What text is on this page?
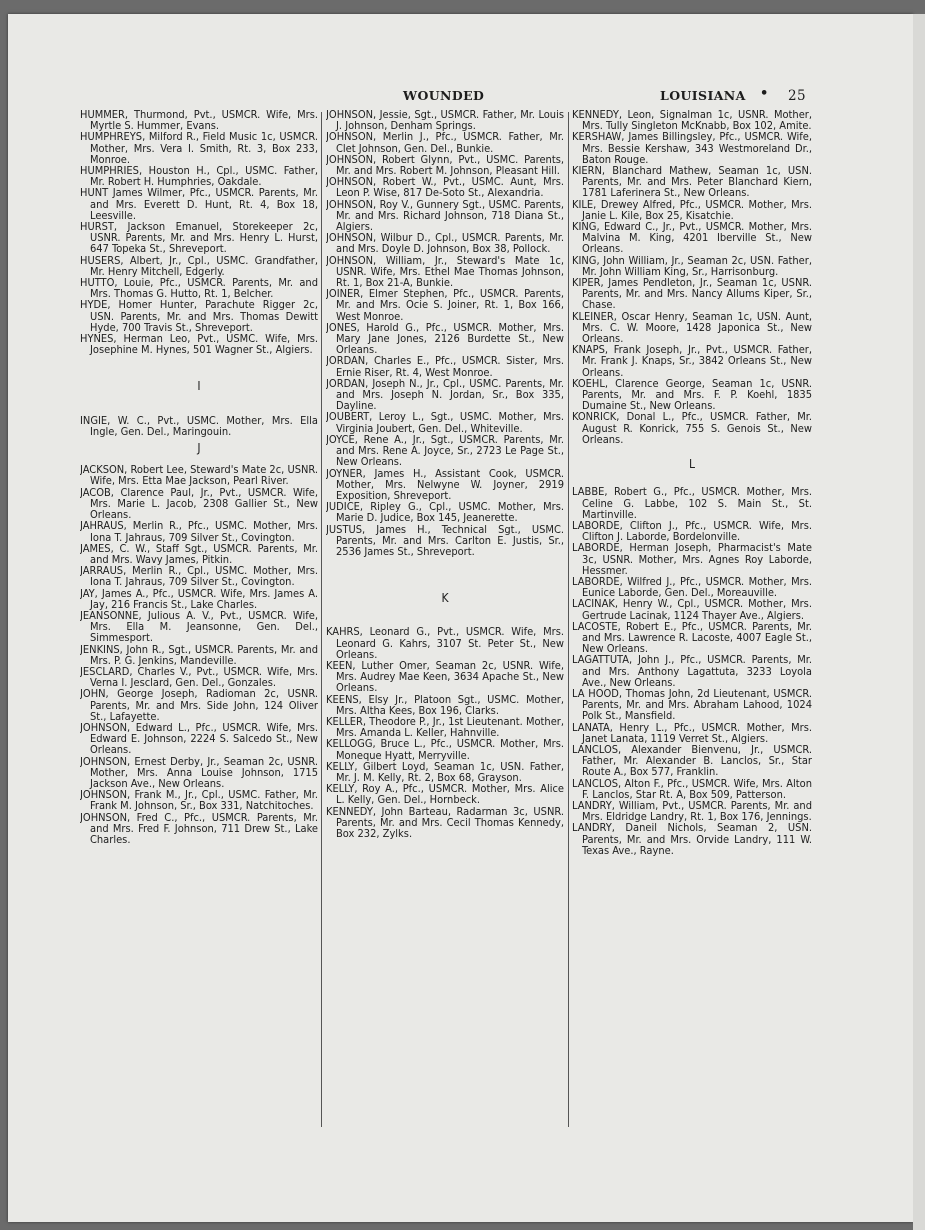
WOUNDED	LOUISIANA • 25

HUMMER, Thurmond, Pvt., USMCR. Wife, Mrs. Myrtle S. Hummer, Evans.

HUMPHREYS, Milford R., Field Music 1c, USMCR. Mother, Mrs. Vera I. Smith, Rt. 3, Box 233, Monroe.

HUMPHRIES, Houston H., Cpl., USMC. Father, Mr. Robert H. Humphries, Oakdale.

HUNT James Wilmer, Pfc., USMCR. Parents, Mr. and Mrs. Everett D. Hunt, Rt. 4, Box 18, Leesville.

HURST, Jackson Emanuel, Storekeeper 2c, USNR. Parents, Mr. and Mrs. Henry L. Hurst, 647 Topeka St., Shreveport.

HUSERS, Albert, Jr., Cpl., USMC. Grandfather, Mr. Henry Mitchell, Edgerly.

HUTTO, Louie, Pfc., USMCR. Parents, Mr. and Mrs. Thomas G. Hutto, Rt. 1, Belcher.

HYDE, Homer Hunter, Parachute Rigger 2c, USN. Parents, Mr. and Mrs. Thomas Dewitt Hyde, 700 Travis St., Shreveport.

HYNES, Herman Leo, Pvt., USMC. Wife, Mrs. Josephine M. Hynes, 501 Wagner St., Algiers.

I

INGIE, W. C., Pvt., USMC. Mother, Mrs. Ella Ingle, Gen. Del., Maringouin.

J

JACKSON, Robert Lee, Steward's Mate 2c, USNR. Wife, Mrs. Etta Mae Jackson, Pearl River.

JACOB, Clarence Paul, Jr., Pvt., USMCR. Wife, Mrs. Marie L. Jacob, 2308 Gallier St., New Orleans.

JAHRAUS, Merlin R., Pfc., USMC. Mother, Mrs. Iona T. Jahraus, 709 Silver St., Covington.

JAMES, C. W., Staff Sgt., USMCR. Parents, Mr. and Mrs. Wavy James, Pitkin.

JARRAUS, Merlin R., Cpl., USMC. Mother, Mrs. Iona T. Jahraus, 709 Silver St., Covington.

JAY, James A., Pfc., USMCR. Wife, Mrs. James A. Jay, 216 Francis St., Lake Charles.

JEANSONNE, Julious A. V., Pvt., USMCR. Wife, Mrs. Ella M. Jeansonne, Gen. Del., Simmesport.

JENKINS, John R., Sgt., USMCR. Parents, Mr. and Mrs. P. G. Jenkins, Mandeville.

JESCLARD, Charles V., Pvt., USMCR. Wife, Mrs. Verna I. Jesclard, Gen. Del., Gonzales.

JOHN, George Joseph, Radioman 2c, USNR. Parents, Mr. and Mrs. Side John, 124 Oliver St., Lafayette.

JOHNSON, Edward L., Pfc., USMCR. Wife, Mrs. Edward E. Johnson, 2224 S. Salcedo St., New Orleans.

JOHNSON, Ernest Derby, Jr., Seaman 2c, USNR. Mother, Mrs. Anna Louise Johnson, 1715 Jackson Ave., New Orleans.

JOHNSON, Frank M., Jr., Cpl., USMC. Father, Mr. Frank M. Johnson, Sr., Box 331, Natchitoches.

JOHNSON, Fred C., Pfc., USMCR. Parents, Mr. and Mrs. Fred F. Johnson, 711 Drew St., Lake Charles.

JOHNSON, Jessie, Sgt., USMCR. Father, Mr. Louis J. Johnson, Denham Springs.

JOHNSON, Merlin J., Pfc., USMCR. Father, Mr. Clet Johnson, Gen. Del., Bunkie.

JOHNSON, Robert Glynn, Pvt., USMC. Parents, Mr. and Mrs. Robert M. Johnson, Pleasant Hill.

JOHNSON, Robert W., Pvt., USMC. Aunt, Mrs. Leon P. Wise, 817 De-Soto St., Alexandria.

JOHNSON, Roy V., Gunnery Sgt., USMC. Parents, Mr. and Mrs. Richard Johnson, 718 Diana St., Algiers.

JOHNSON, Wilbur D., Cpl., USMCR. Parents, Mr. and Mrs. Doyle D. Johnson, Box 38, Pollock.

JOHNSON, William, Jr., Steward's Mate 1c, USNR. Wife, Mrs. Ethel Mae Thomas Johnson, Rt. 1, Box 21-A, Bunkie.

JOINER, Elmer Stephen, Pfc., USMCR. Parents, Mr. and Mrs. Ocie S. Joiner, Rt. 1, Box 166, West Monroe.

JONES, Harold G., Pfc., USMCR. Mother, Mrs. Mary Jane Jones, 2126 Burdette St., New Orleans.

JORDAN, Charles E., Pfc., USMCR. Sister, Mrs. Ernie Riser, Rt. 4, West Monroe.

JORDAN, Joseph N., Jr., Cpl., USMC. Parents, Mr. and Mrs. Joseph N. Jordan, Sr., Box 335, Dayline.

JOUBERT, Leroy L., Sgt., USMC. Mother, Mrs. Virginia Joubert, Gen. Del., Whiteville.

JOYCE, Rene A., Jr., Sgt., USMCR. Parents, Mr. and Mrs. Rene A. Joyce, Sr., 2723 Le Page St., New Orleans.

JOYNER, James H., Assistant Cook, USMCR. Mother, Mrs. Nelwyne W. Joyner, 2919 Exposition, Shreveport.

JUDICE, Ripley G., Cpl., USMC. Mother, Mrs. Marie D. Judice, Box 145, Jeanerette.

JUSTUS, James H., Technical Sgt., USMC. Parents, Mr. and Mrs. Carlton E. Justis, Sr., 2536 James St., Shreveport.

K

KAHRS, Leonard G., Pvt., USMCR. Wife, Mrs. Leonard G. Kahrs, 3107 St. Peter St., New Orleans.

KEEN, Luther Omer, Seaman 2c, USNR. Wife, Mrs. Audrey Mae Keen, 3634 Apache St., New Orleans.

KEENS, Elsy Jr., Platoon Sgt., USMC. Mother, Mrs. Altha Kees, Box 196, Clarks.

KELLER, Theodore P., Jr., 1st Lieutenant. Mother, Mrs. Amanda L. Keller, Hahnville.

KELLOGG, Bruce L., Pfc., USMCR. Mother, Mrs. Moneque Hyatt, Merryville.

KELLY, Gilbert Loyd, Seaman 1c, USN. Father, Mr. J. M. Kelly, Rt. 2, Box 68, Grayson.

KELLY, Roy A., Pfc., USMCR. Mother, Mrs. Alice L. Kelly, Gen. Del., Hornbeck.

KENNEDY, John Barteau, Radarman 3c, USNR. Parents, Mr. and Mrs. Cecil Thomas Kennedy, Box 232, Zylks.

KENNEDY, Leon, Signalman 1c, USNR. Mother, Mrs. Tully Singleton McKnabb, Box 102, Amite.

KERSHAW, James Billingsley, Pfc., USMCR. Wife, Mrs. Bessie Kershaw, 343 Westmoreland Dr., Baton Rouge.

KIERN, Blanchard Mathew, Seaman 1c, USN. Parents, Mr. and Mrs. Peter Blanchard Kiern, 1781 Laferinera St., New Orleans.

KILE, Drewey Alfred, Pfc., USMCR. Mother, Mrs. Janie L. Kile, Box 25, Kisatchie.

KING, Edward C., Jr., Pvt., USMCR. Mother, Mrs. Malvina M. King, 4201 Iberville St., New Orleans.

KING, John William, Jr., Seaman 2c, USN. Father, Mr. John William King, Sr., Harrisonburg.

KIPER, James Pendleton, Jr., Seaman 1c, USNR. Parents, Mr. and Mrs. Nancy Allums Kiper, Sr., Chase.

KLEINER, Oscar Henry, Seaman 1c, USN. Aunt, Mrs. C. W. Moore, 1428 Japonica St., New Orleans.

KNAPS, Frank Joseph, Jr., Pvt., USMCR. Father, Mr. Frank J. Knaps, Sr., 3842 Orleans St., New Orleans.

KOEHL, Clarence George, Seaman 1c, USNR. Parents, Mr. and Mrs. F. P. Koehl, 1835 Dumaine St., New Orleans.

KONRICK, Donal L., Pfc., USMCR. Father, Mr. August R. Konrick, 755 S. Genois St., New Orleans.

L

LABBE, Robert G., Pfc., USMCR. Mother, Mrs. Celine G. Labbe, 102 S. Main St., St. Martinville.

LABORDE, Clifton J., Pfc., USMCR. Wife, Mrs. Clifton J. Laborde, Bordelonville.

LABORDE, Herman Joseph, Pharmacist's Mate 3c, USNR. Mother, Mrs. Agnes Roy Laborde, Hessmer.

LABORDE, Wilfred J., Pfc., USMCR. Mother, Mrs. Eunice Laborde, Gen. Del., Moreauville.

LACINAK, Henry W., Cpl., USMCR. Mother, Mrs. Gertrude Lacinak, 1124 Thayer Ave., Algiers.

LACOSTE, Robert E., Pfc., USMCR. Parents, Mr. and Mrs. Lawrence R. Lacoste, 4007 Eagle St., New Orleans.

LAGATTUTA, John J., Pfc., USMCR. Parents, Mr. and Mrs. Anthony Lagattuta, 3233 Loyola Ave., New Orleans.

LA HOOD, Thomas John, 2d Lieutenant, USMCR. Parents, Mr. and Mrs. Abraham Lahood, 1024 Polk St., Mansfield.

LANATA, Henry L., Pfc., USMCR. Mother, Mrs. Janet Lanata, 1119 Verret St., Algiers.

LANCLOS, Alexander Bienvenu, Jr., USMCR. Father, Mr. Alexander B. Lanclos, Sr., Star Route A., Box 577, Franklin.

LANCLOS, Alton F., Pfc., USMCR. Wife, Mrs. Alton F. Lanclos, Star Rt. A, Box 509, Patterson.

LANDRY, William, Pvt., USMCR. Parents, Mr. and Mrs. Eldridge Landry, Rt. 1, Box 176, Jennings.

LANDRY, Daneil Nichols, Seaman 2, USN. Parents, Mr. and Mrs. Orvide Landry, 111 W. Texas Ave., Rayne.
